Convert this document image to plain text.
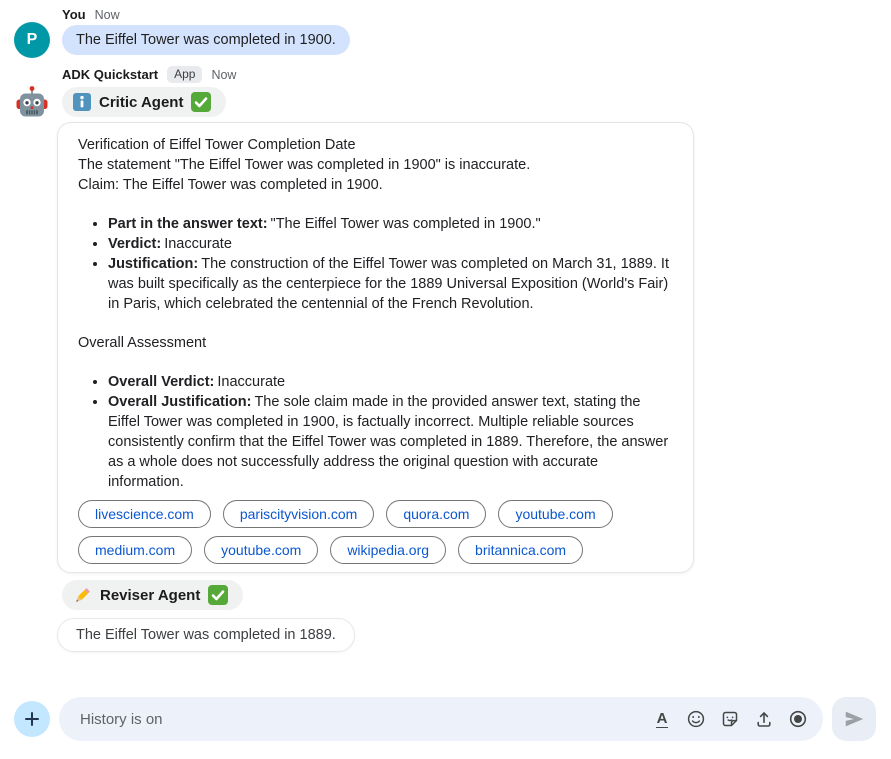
P
You Now
The Eiffel Tower was completed in 1900.
ADK Quickstart	App	Now
Critic Agent

Verification of Eiffel Tower Completion Date

The statement "The Eiffel Tower was completed in 1900" is inaccurate.

Claim: The Eiffel Tower was completed in 1900.

• Part in the answer text: "The Eiffel Tower was completed in 1900."
• Verdict: Inaccurate
• Justification: The construction of the Eiffel Tower was completed on March 31, 1889. It was built specifically as the centerpiece for the 1889 Universal Exposition (World's Fair) in Paris, which celebrated the centennial of the French Revolution.

Overall Assessment

• Overall Verdict: Inaccurate
• Overall Justification: The sole claim made in the provided answer text, stating the Eiffel Tower was completed in 1900, is factually incorrect. Multiple reliable sources consistently confirm that the Eiffel Tower was completed in 1889. Therefore, the answer as a whole does not successfully address the original question with accurate information.
livescience.com	pariscityvision.com	quora.com	youtube.com
medium.com	youtube.com	wikipedia.org	britannica.com
Reviser Agent
The Eiffel Tower was completed in 1889.
History is on
A
